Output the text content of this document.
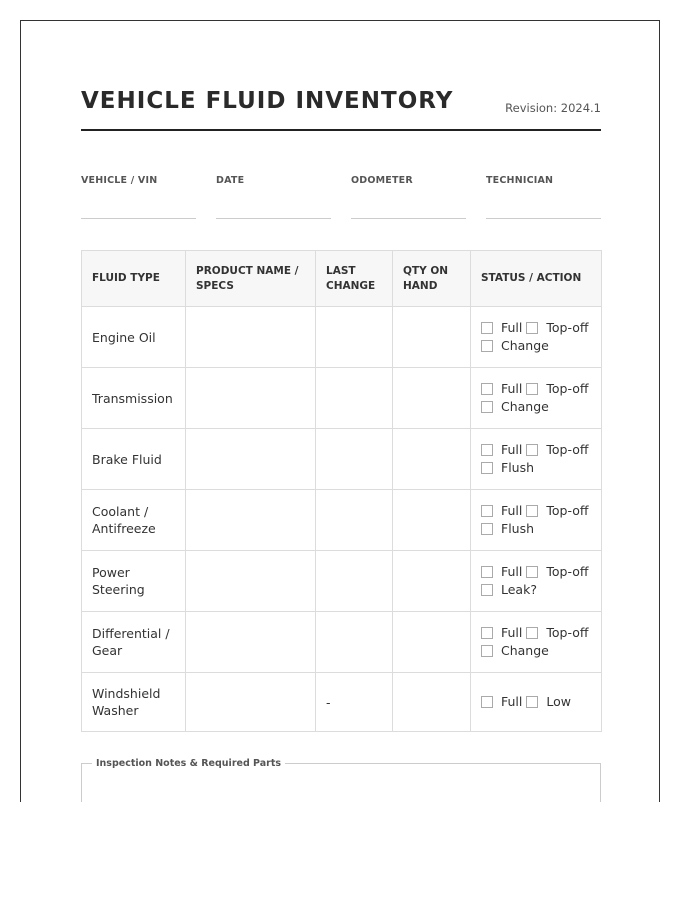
VEHICLE FLUID INVENTORY	Revision: 2024.1
VEHICLE / VIN	DATE	ODOMETER	TECHNICIAN
FLUID TYPE	PRODUCT NAME / SPECS	LAST CHANGE	QTY ON HAND	STATUS / ACTION
Engine Oil				Full Top-off Change
Transmission				Full Top-off Change
Brake Fluid				Full Top-off Flush
Coolant / Antifreeze				Full Top-off Flush
Power Steering				Full Top-off Leak?
Differential / Gear				Full Top-off Change
Windshield Washer		-		Full Low
Inspection Notes & Required Parts
